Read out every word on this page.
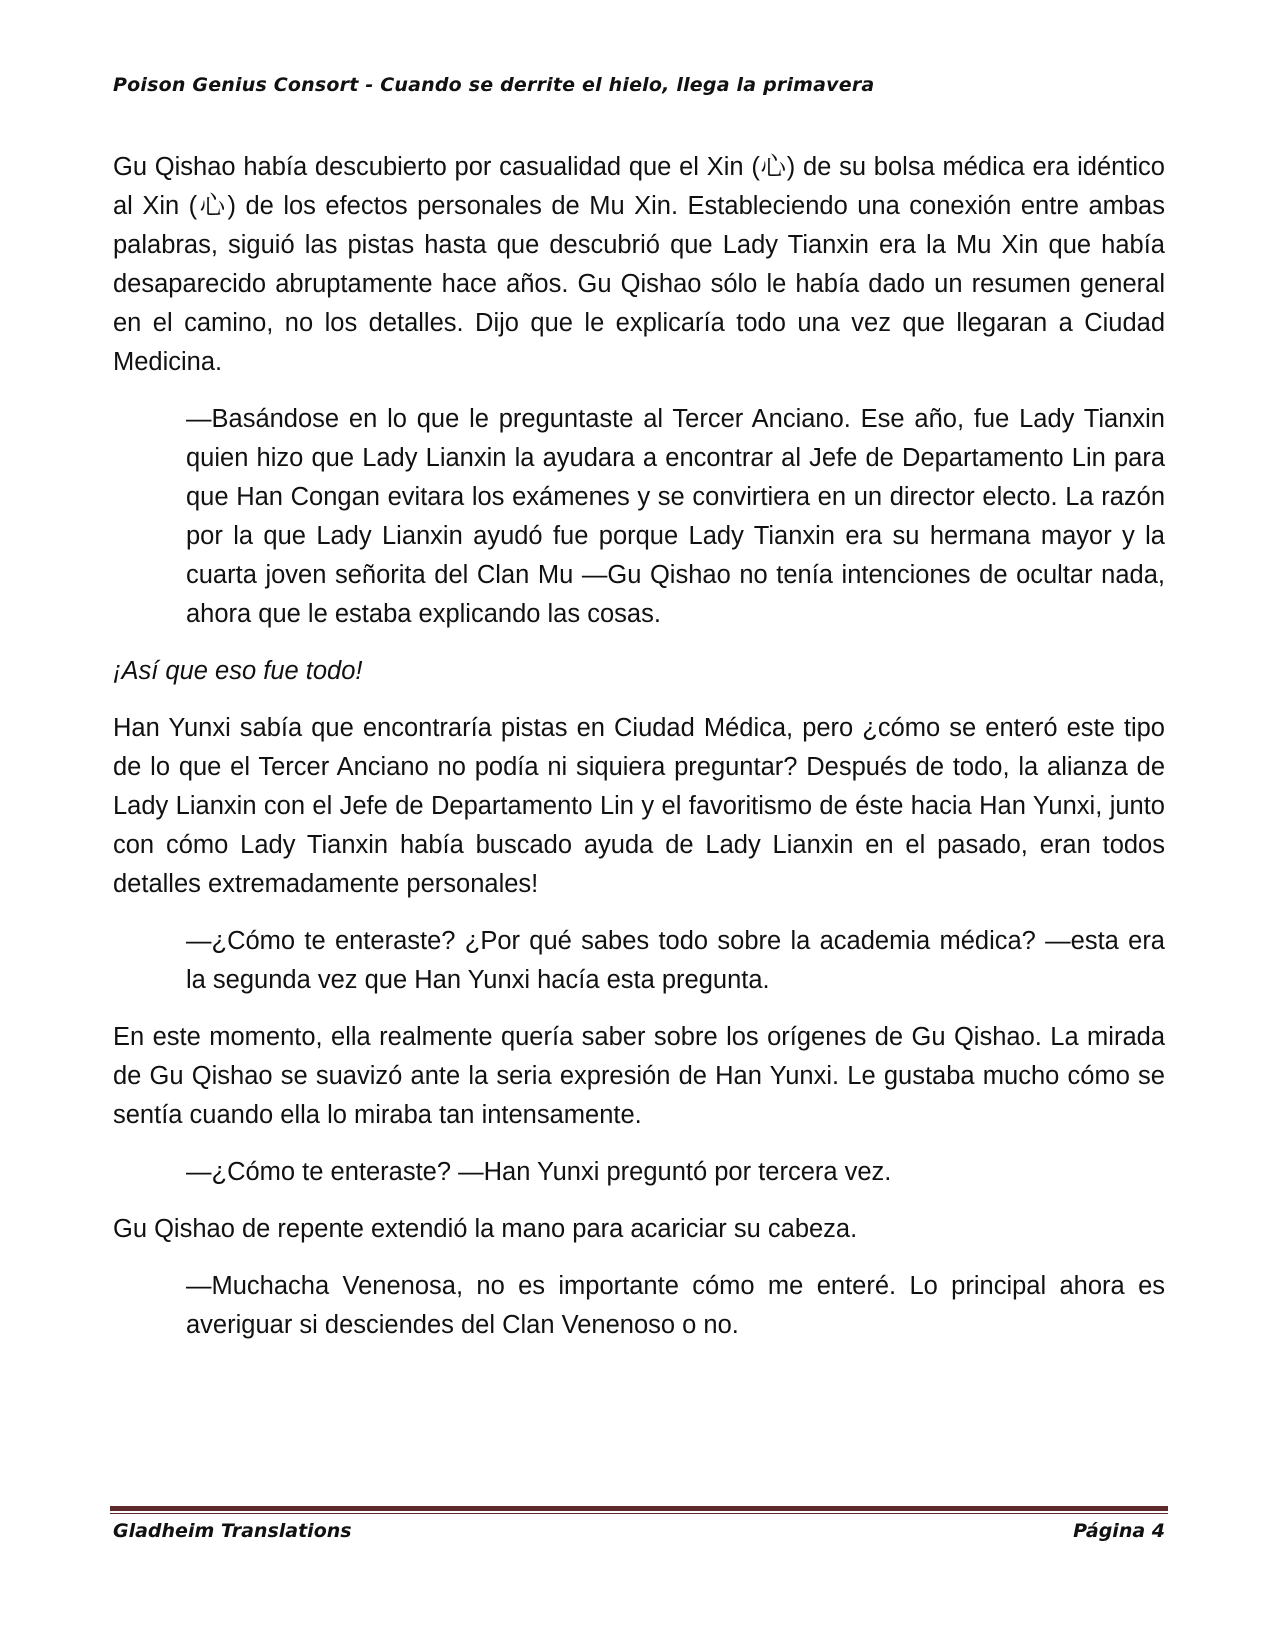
Poison Genius Consort - Cuando se derrite el hielo, llega la primavera

Gu Qishao había descubierto por casualidad que el Xin (心) de su bolsa médica era idéntico al Xin (心) de los efectos personales de Mu Xin. Estableciendo una conexión entre ambas palabras, siguió las pistas hasta que descubrió que Lady Tianxin era la Mu Xin que había desaparecido abruptamente hace años. Gu Qishao sólo le había dado un resumen general en el camino, no los detalles. Dijo que le explicaría todo una vez que llegaran a Ciudad Medicina.

—Basándose en lo que le preguntaste al Tercer Anciano. Ese año, fue Lady Tianxin quien hizo que Lady Lianxin la ayudara a encontrar al Jefe de Departamento Lin para que Han Congan evitara los exámenes y se convirtiera en un director electo. La razón por la que Lady Lianxin ayudó fue porque Lady Tianxin era su hermana mayor y la cuarta joven señorita del Clan Mu —Gu Qishao no tenía intenciones de ocultar nada, ahora que le estaba explicando las cosas.

¡Así que eso fue todo!

Han Yunxi sabía que encontraría pistas en Ciudad Médica, pero ¿cómo se enteró este tipo de lo que el Tercer Anciano no podía ni siquiera preguntar? Después de todo, la alianza de Lady Lianxin con el Jefe de Departamento Lin y el favoritismo de éste hacia Han Yunxi, junto con cómo Lady Tianxin había buscado ayuda de Lady Lianxin en el pasado, eran todos detalles extremadamente personales!

—¿Cómo te enteraste? ¿Por qué sabes todo sobre la academia médica? —esta era la segunda vez que Han Yunxi hacía esta pregunta.

En este momento, ella realmente quería saber sobre los orígenes de Gu Qishao. La mirada de Gu Qishao se suavizó ante la seria expresión de Han Yunxi. Le gustaba mucho cómo se sentía cuando ella lo miraba tan intensamente.

—¿Cómo te enteraste? —Han Yunxi preguntó por tercera vez.

Gu Qishao de repente extendió la mano para acariciar su cabeza.

—Muchacha Venenosa, no es importante cómo me enteré. Lo principal ahora es averiguar si desciendes del Clan Venenoso o no.

Gladheim Translations	Página 4
